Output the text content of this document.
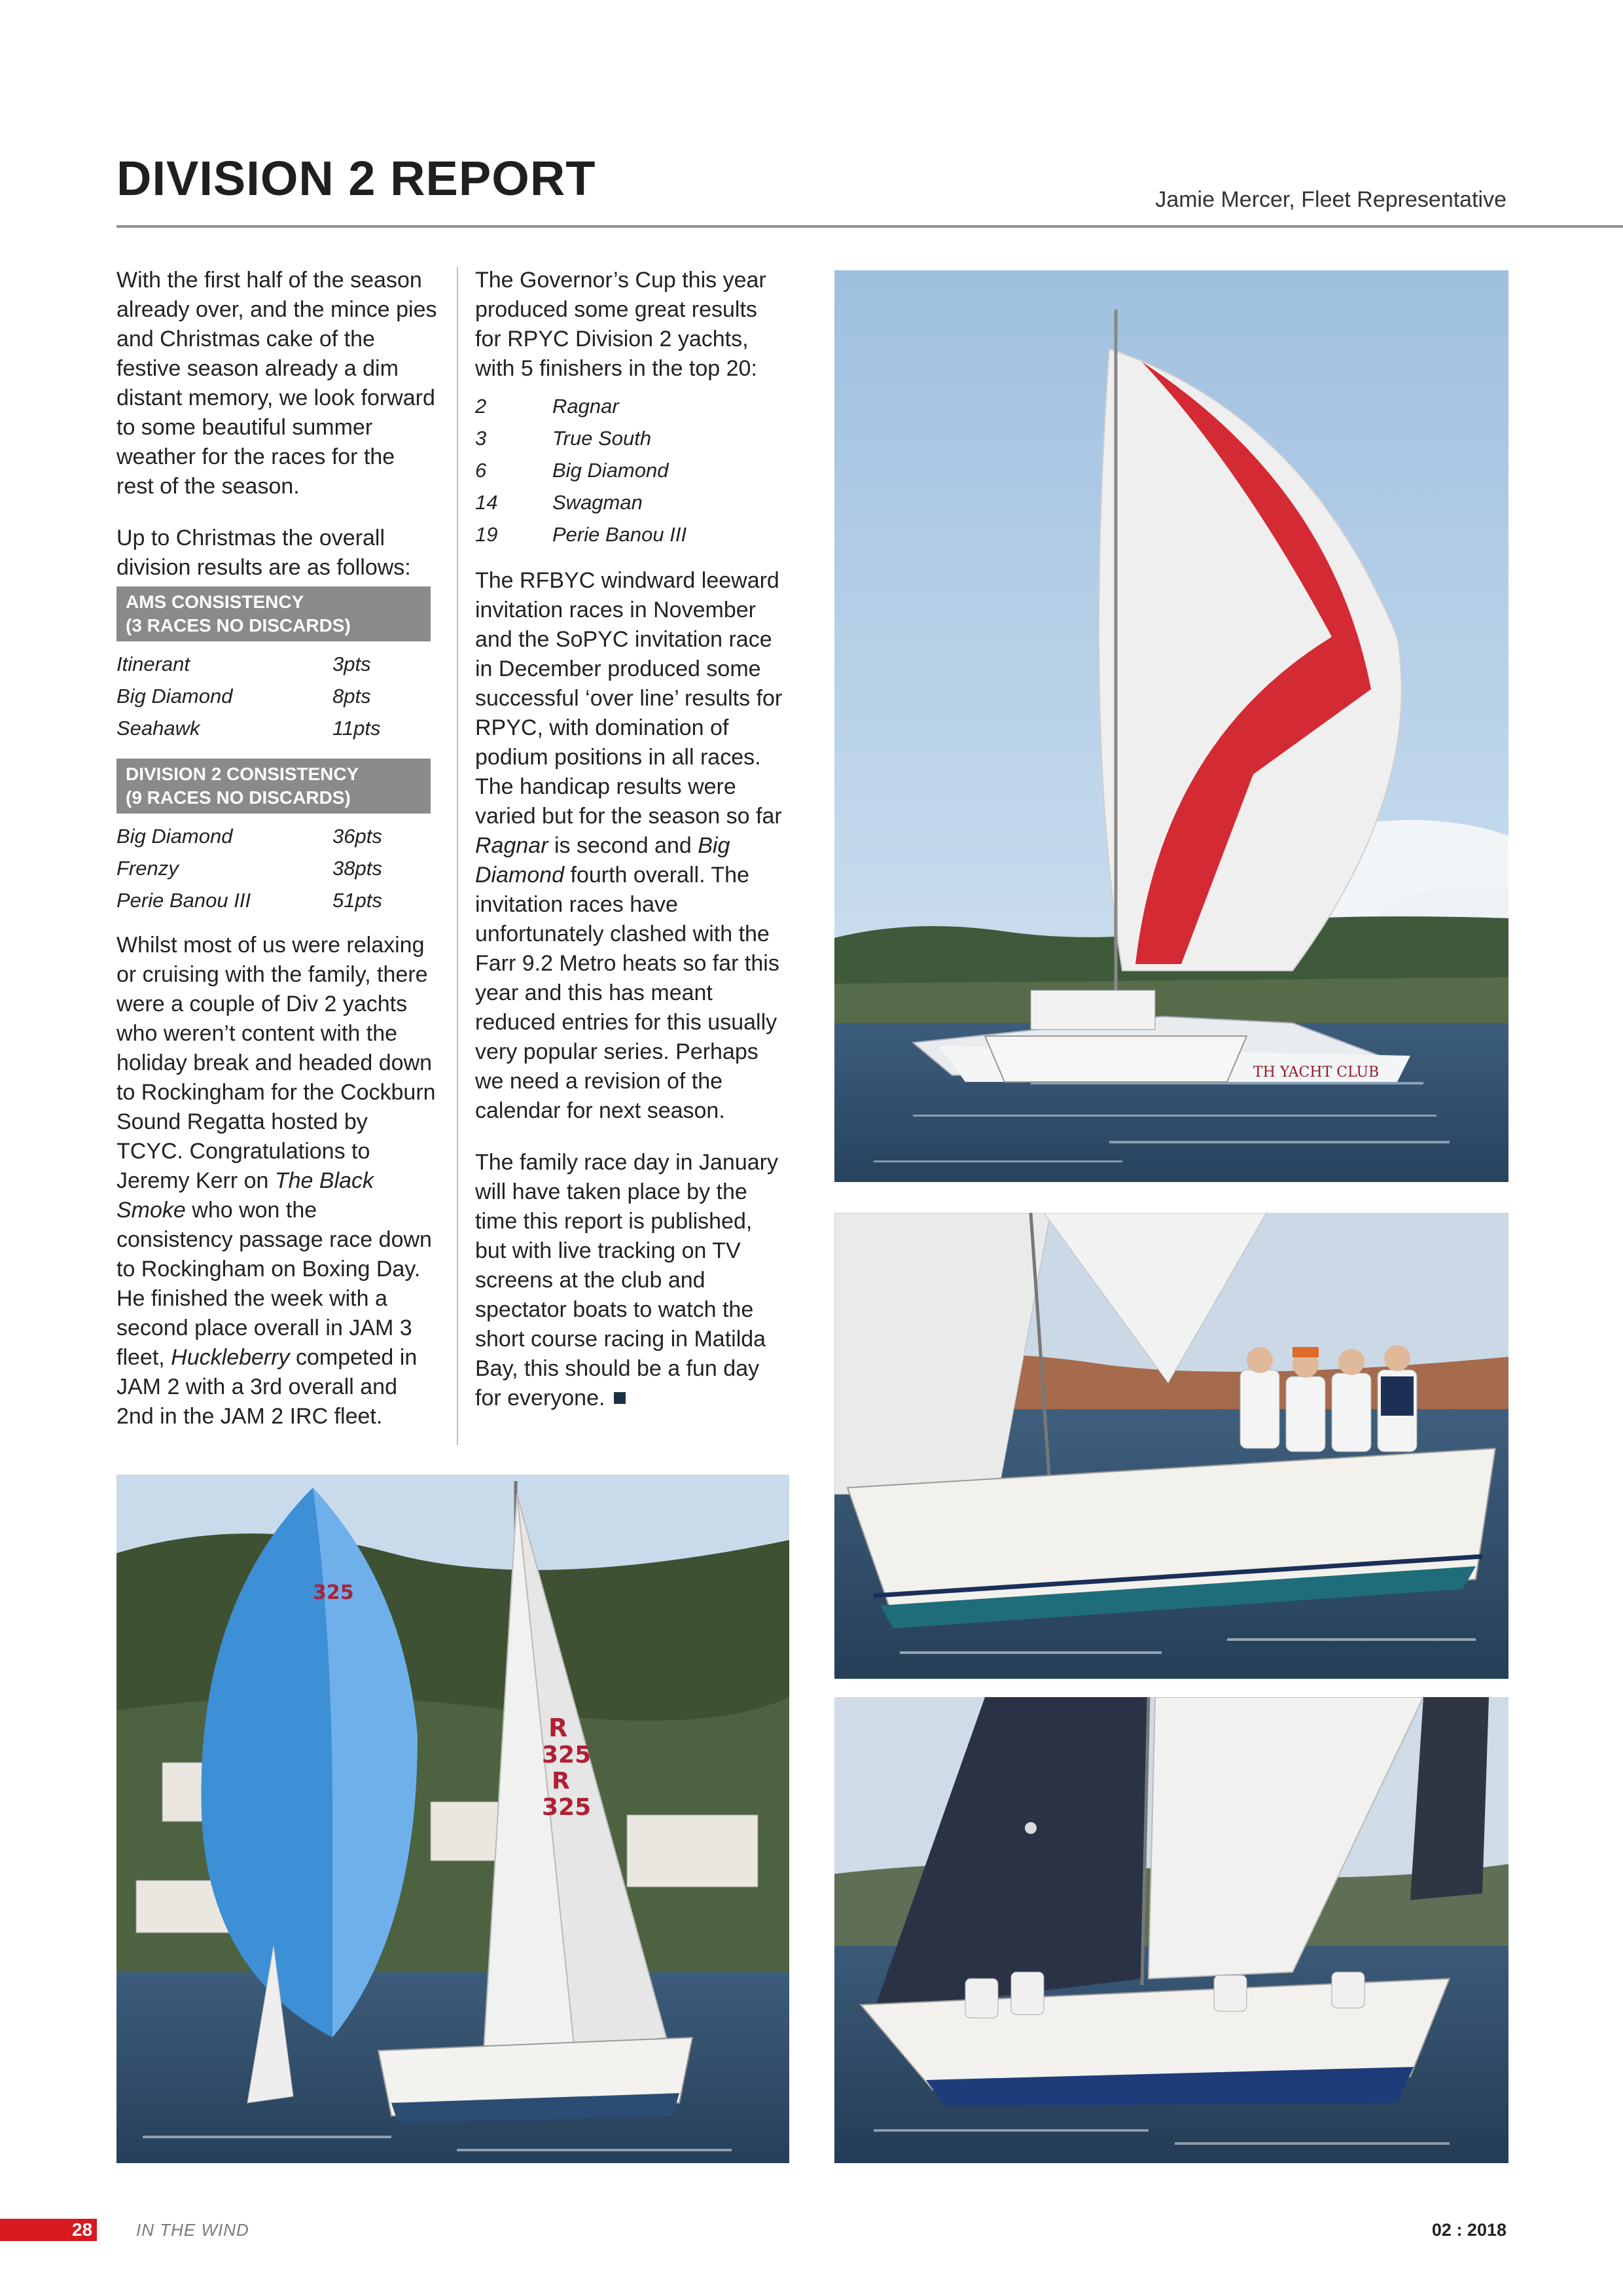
DIVISION 2 REPORT	Jamie Mercer, Fleet Representative

With the first half of the season already over, and the mince pies and Christmas cake of the festive season already a dim distant memory, we look forward to some beautiful summer weather for the races for the rest of the season.

Up to Christmas the overall division results are as follows:

AMS CONSISTENCY
(3 RACES NO DISCARDS)
Itinerant	3pts
Big Diamond	8pts
Seahawk	11pts
DIVISION 2 CONSISTENCY
(9 RACES NO DISCARDS)
Big Diamond	36pts
Frenzy	38pts
Perie Banou III	51pts

Whilst most of us were relaxing or cruising with the family, there were a couple of Div 2 yachts who weren’t content with the holiday break and headed down to Rockingham for the Cockburn Sound Regatta hosted by TCYC. Congratulations to Jeremy Kerr on The Black Smoke who won the consistency passage race down to Rockingham on Boxing Day. He finished the week with a second place overall in JAM 3 fleet, Huckleberry competed in JAM 2 with a 3rd overall and 2nd in the JAM 2 IRC fleet.

The Governor’s Cup this year produced some great results for RPYC Division 2 yachts, with 5 finishers in the top 20:

2	Ragnar
3	True South
6	Big Diamond
14	Swagman
19	Perie Banou III

The RFBYC windward leeward invitation races in November and the SoPYC invitation race in December produced some successful ‘over line’ results for RPYC, with domination of podium positions in all races. The handicap results were varied but for the season so far Ragnar is second and Big Diamond fourth overall. The invitation races have unfortunately clashed with the Farr 9.2 Metro heats so far this year and this has meant reduced entries for this usually very popular series. Perhaps we need a revision of the calendar for next season.

The family race day in January will have taken place by the time this report is published, but with live tracking on TV screens at the club and spectator boats to watch the short course racing in Matilda Bay, this should be a fun day for everyone.

TH YACHT CLUB
325
R
325
R
325
28	IN THE WIND	02 : 2018
